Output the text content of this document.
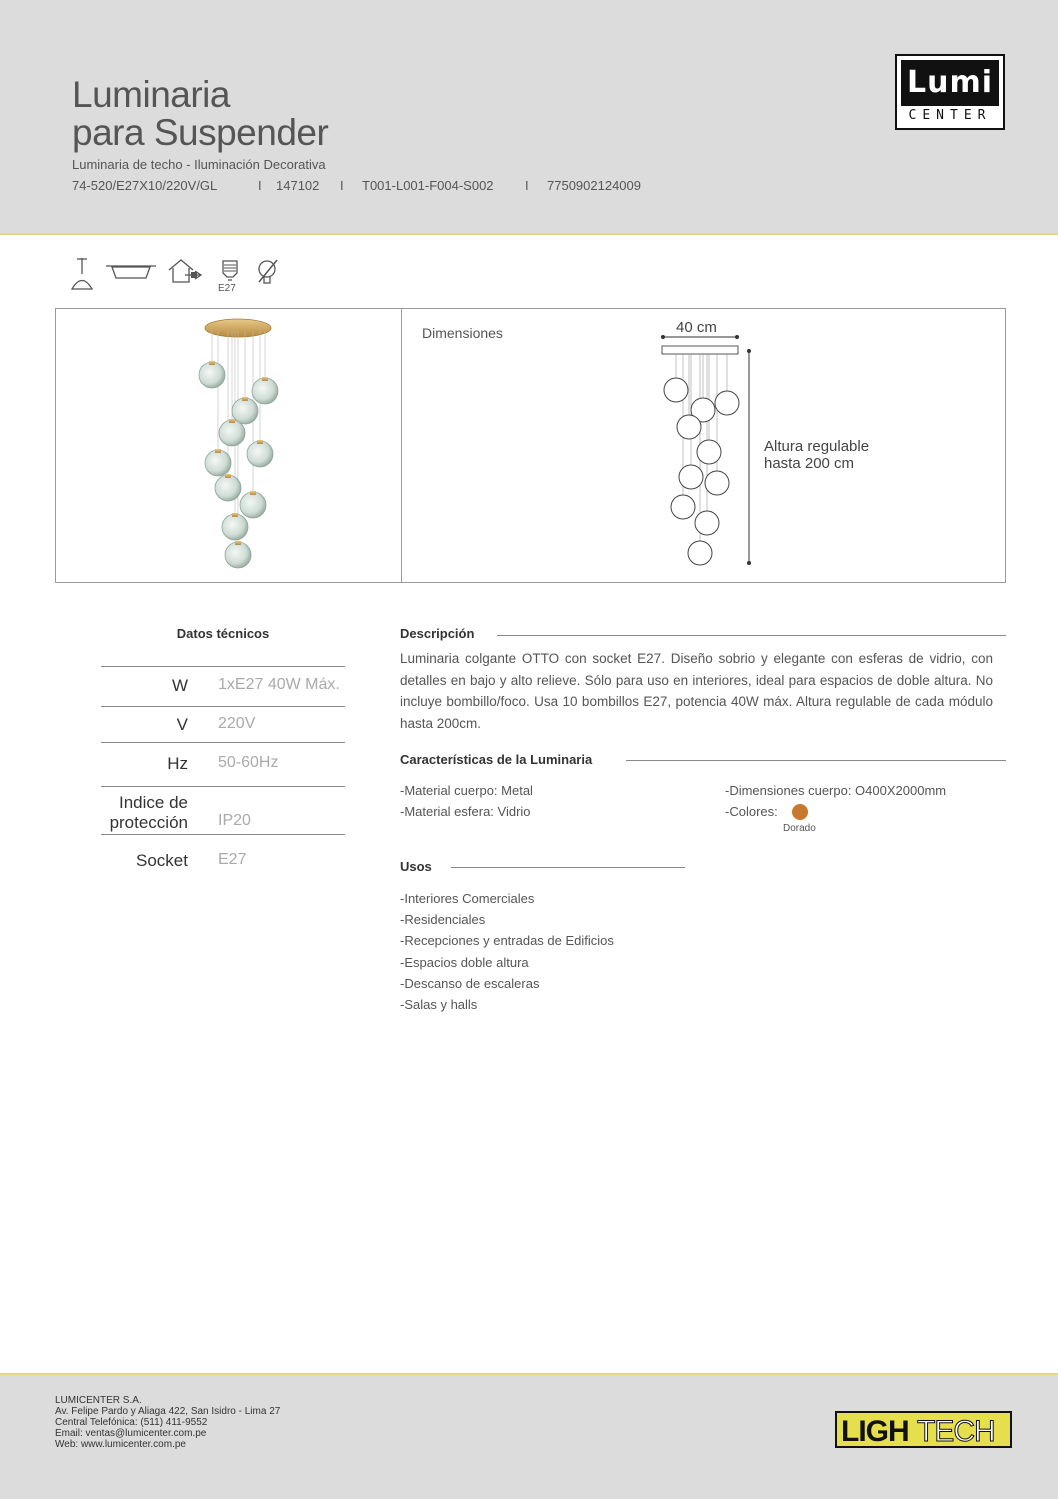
Luminaria
para Suspender
Luminaria de techo - Iluminación Decorativa
74-520/E27X10/220V/GL	I 147102 I T001-L001-F004-S002 I 7750902124009
Lumi
CENTER
E27
Dimensiones	40 cm
Altura regulable
hasta 200 cm
Datos técnicos
W 1xE27 40W Máx.
V 220V
Hz 50-60Hz
Indice de
protección IP20
Socket E27
Descripción
Luminaria colgante OTTO con socket E27. Diseño sobrio y elegante con esferas de vidrio, con detalles en bajo y alto relieve. Sólo para uso en interiores, ideal para espacios de doble altura. No incluye bombillo/foco. Usa 10 bombillos E27, potencia 40W máx. Altura regulable de cada módulo hasta 200cm.
Características de la Luminaria
-Material cuerpo: Metal
-Material esfera: Vidrio
-Dimensiones cuerpo: O400X2000mm
-Colores:
Dorado
Usos
-Interiores Comerciales
-Residenciales
-Recepciones y entradas de Edificios
-Espacios doble altura
-Descanso de escaleras
-Salas y halls
LUMICENTER S.A.
Av. Felipe Pardo y Aliaga 422, San Isidro - Lima 27
Central Telefónica: (511) 411-9552
Email: ventas@lumicenter.com.pe
Web: www.lumicenter.com.pe	LIGH TECH
